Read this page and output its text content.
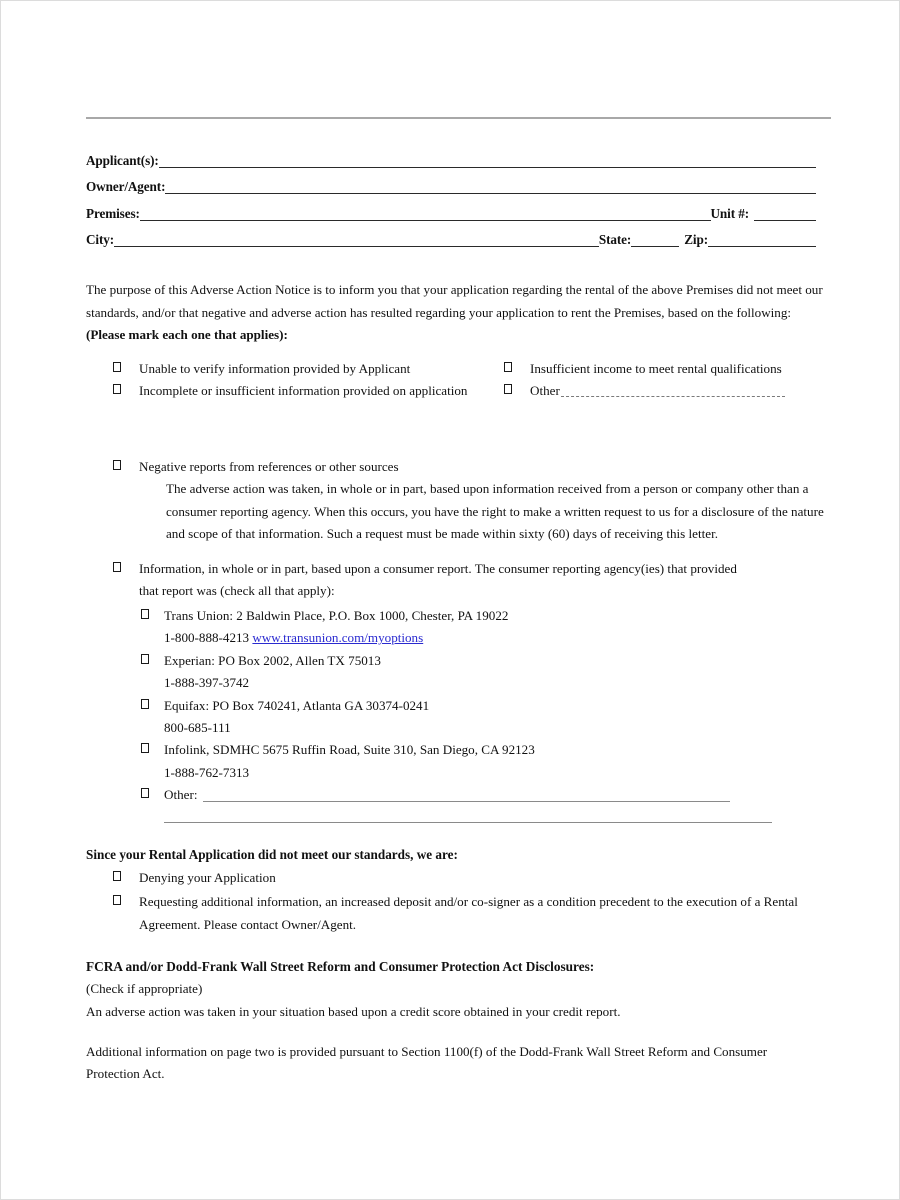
Applicant(s):
Owner/Agent:
Premises:	Unit #:
City:	State:	Zip:
The purpose of this Adverse Action Notice is to inform you that your application regarding the rental of the above Premises did not meet our standards, and/or that negative and adverse action has resulted regarding your application to rent the Premises, based on the following: (Please mark each one that applies):
Unable to verify information provided by Applicant
Incomplete or insufficient information provided on application
Insufficient income to meet rental qualifications
Other
Negative reports from references or other sources
The adverse action was taken, in whole or in part, based upon information received from a person or company other than a consumer reporting agency. When this occurs, you have the right to make a written request to us for a disclosure of the nature and scope of that information. Such a request must be made within sixty (60) days of receiving this letter.
Information, in whole or in part, based upon a consumer report. The consumer reporting agency(ies) that provided
that report was (check all that apply):
Trans Union: 2 Baldwin Place, P.O. Box 1000, Chester, PA 19022
1-800-888-4213 www.transunion.com/myoptions
Experian: PO Box 2002, Allen TX 75013
1-888-397-3742
Equifax: PO Box 740241, Atlanta GA 30374-0241
800-685-111
Infolink, SDMHC 5675 Ruffin Road, Suite 310, San Diego, CA 92123
1-888-762-7313
Other:
Since your Rental Application did not meet our standards, we are:
Denying your Application
Requesting additional information, an increased deposit and/or co-signer as a condition precedent to the execution of a Rental Agreement. Please contact Owner/Agent.
FCRA and/or Dodd-Frank Wall Street Reform and Consumer Protection Act Disclosures:
(Check if appropriate)
An adverse action was taken in your situation based upon a credit score obtained in your credit report.
Additional information on page two is provided pursuant to Section 1100(f) of the Dodd-Frank Wall Street Reform and Consumer Protection Act.
